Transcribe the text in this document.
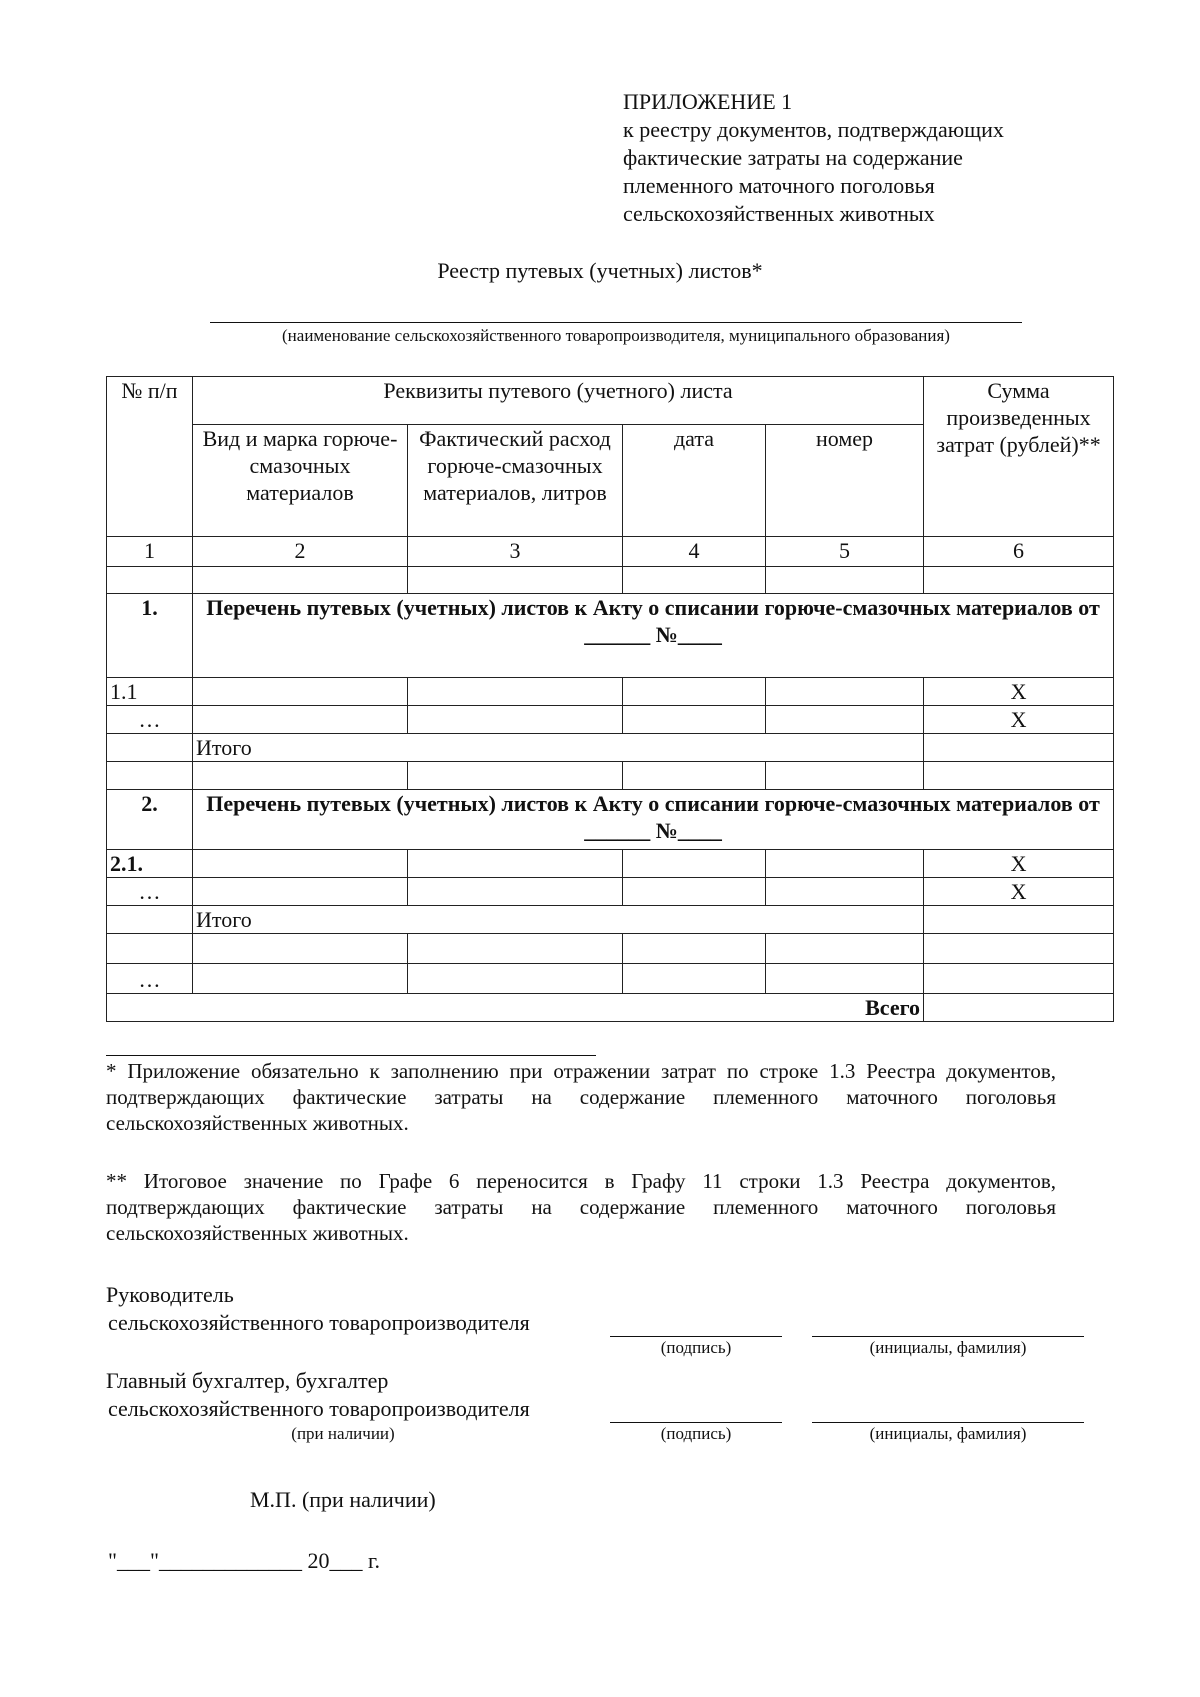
ПРИЛОЖЕНИЕ 1
к реестру документов, подтверждающих
фактические затраты на содержание
племенного маточного поголовья
сельскохозяйственных животных
Реестр путевых (учетных) листов*
(наименование сельскохозяйственного товаропроизводителя, муниципального образования)
№ п/п	Реквизиты путевого (учетного) листа				Сумма произведенных затрат (рублей)**
	Вид и марка горюче-смазочных материалов	Фактический расход горюче-смазочных материалов, литров	дата	номер	
1	2	3	4	5	6

1.	Перечень путевых (учетных) листов к Акту о списании горюче-смазочных материалов от ______ №____				
1.1					Х
…					Х
	Итого				

2.	Перечень путевых (учетных) листов к Акту о списании горюче-смазочных материалов от ______ №____				
2.1.					Х
…					Х
	Итого				

…					
Всего					
* Приложение обязательно к заполнению при отражении затрат по строке 1.3 Реестра документов, подтверждающих фактические затраты на содержание племенного маточного поголовья сельскохозяйственных животных.
** Итоговое значение по Графе 6 переносится в Графу 11 строки 1.3 Реестра документов, подтверждающих фактические затраты на содержание племенного маточного поголовья сельскохозяйственных животных.
Руководитель
сельскохозяйственного товаропроизводителя
(подпись)	(инициалы, фамилия)
Главный бухгалтер, бухгалтер
сельскохозяйственного товаропроизводителя
(при наличии)	(подпись)	(инициалы, фамилия)
М.П. (при наличии)
"___"_____________ 20___ г.
